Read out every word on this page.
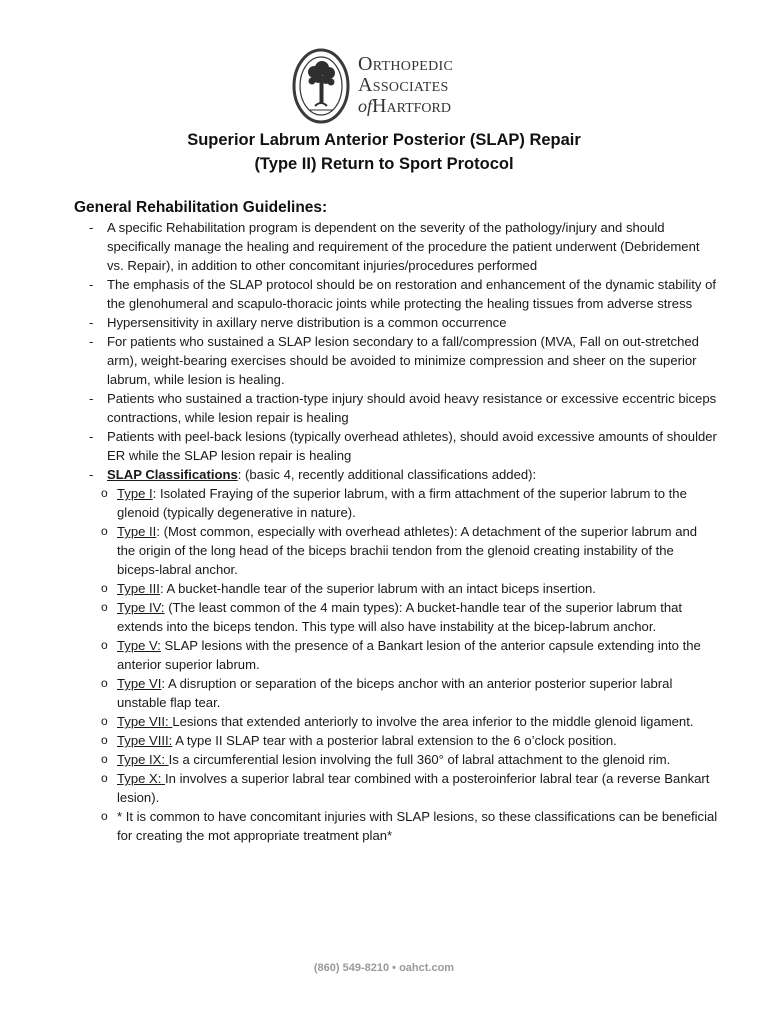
Orthopedic
Associates
ofHartford
Superior Labrum Anterior Posterior (SLAP) Repair
(Type II) Return to Sport Protocol
General Rehabilitation Guidelines:
- A specific Rehabilitation program is dependent on the severity of the pathology/injury and should specifically manage the healing and requirement of the procedure the patient underwent (Debridement vs. Repair), in addition to other concomitant injuries/procedures performed
- The emphasis of the SLAP protocol should be on restoration and enhancement of the dynamic stability of the glenohumeral and scapulo-thoracic joints while protecting the healing tissues from adverse stress
- Hypersensitivity in axillary nerve distribution is a common occurrence
- For patients who sustained a SLAP lesion secondary to a fall/compression (MVA, Fall on out-stretched arm), weight-bearing exercises should be avoided to minimize compression and sheer on the superior labrum, while lesion is healing.
- Patients who sustained a traction-type injury should avoid heavy resistance or excessive eccentric biceps contractions, while lesion repair is healing
- Patients with peel-back lesions (typically overhead athletes), should avoid excessive amounts of shoulder ER while the SLAP lesion repair is healing
- SLAP Classifications: (basic 4, recently additional classifications added):
o Type I: Isolated Fraying of the superior labrum, with a firm attachment of the superior labrum to the glenoid (typically degenerative in nature).
o Type II: (Most common, especially with overhead athletes): A detachment of the superior labrum and the origin of the long head of the biceps brachii tendon from the glenoid creating instability of the biceps-labral anchor.
o Type III: A bucket-handle tear of the superior labrum with an intact biceps insertion.
o Type IV: (The least common of the 4 main types): A bucket-handle tear of the superior labrum that extends into the biceps tendon. This type will also have instability at the bicep-labrum anchor.
o Type V: SLAP lesions with the presence of a Bankart lesion of the anterior capsule extending into the anterior superior labrum.
o Type VI: A disruption or separation of the biceps anchor with an anterior posterior superior labral unstable flap tear.
o Type VII: Lesions that extended anteriorly to involve the area inferior to the middle glenoid ligament.
o Type VIII: A type II SLAP tear with a posterior labral extension to the 6 o’clock position.
o Type IX: Is a circumferential lesion involving the full 360° of labral attachment to the glenoid rim.
o Type X: In involves a superior labral tear combined with a posteroinferior labral tear (a reverse Bankart lesion).
o * It is common to have concomitant injuries with SLAP lesions, so these classifications can be beneficial for creating the mot appropriate treatment plan*
(860) 549-8210 • oahct.com
